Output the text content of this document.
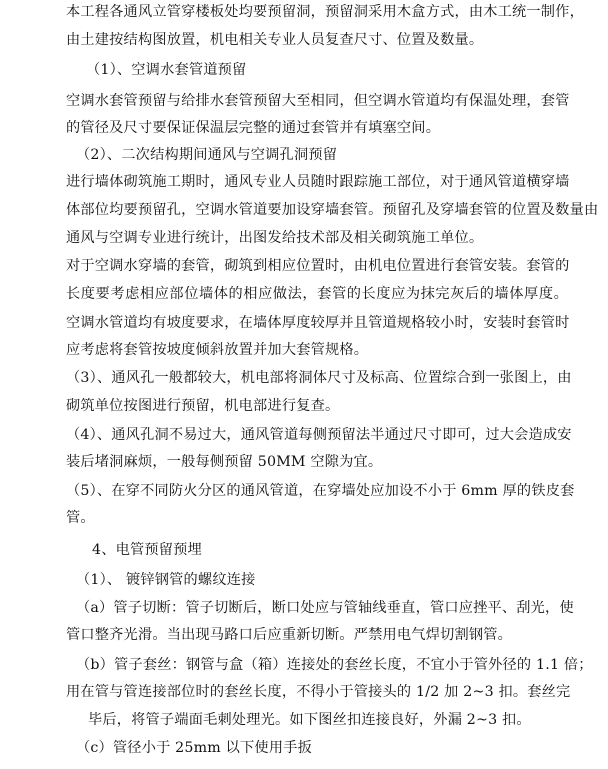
本工程各通风立管穿楼板处均要预留洞，预留洞采用木盒方式，由木工统一制作，
由土建按结构图放置，机电相关专业人员复查尺寸、位置及数量。
（1）、空调水套管道预留
空调水套管预留与给排水套管预留大至相同，但空调水管道均有保温处理，套管
的管径及尺寸要保证保温层完整的通过套管并有填塞空间。
（2）、二次结构期间通风与空调孔洞预留
进行墙体砌筑施工期时，通风专业人员随时跟踪施工部位，对于通风管道横穿墙
体部位均要预留孔，空调水管道要加设穿墙套管。预留孔及穿墙套管的位置及数量由
通风与空调专业进行统计，出图发给技术部及相关砌筑施工单位。
对于空调水穿墙的套管，砌筑到相应位置时，由机电位置进行套管安装。套管的
长度要考虑相应部位墙体的相应做法，套管的长度应为抹完灰后的墙体厚度。
空调水管道均有坡度要求，在墙体厚度较厚并且管道规格较小时，安装时套管时
应考虑将套管按坡度倾斜放置并加大套管规格。
（3）、通风孔一般都较大，机电部将洞体尺寸及标高、位置综合到一张图上，由
砌筑单位按图进行预留，机电部进行复查。
（4）、通风孔洞不易过大，通风管道每侧预留法半通过尺寸即可，过大会造成安
装后堵洞麻烦，一般每侧预留 50MM 空隙为宜。
（5）、在穿不同防火分区的通风管道，在穿墙处应加设不小于 6mm 厚的铁皮套
管。
4、电管预留预埋
（1）、 镀锌钢管的螺纹连接
（a）管子切断：管子切断后，断口处应与管轴线垂直，管口应挫平、刮光，使
管口整齐光滑。当出现马路口后应重新切断。严禁用电气焊切割钢管。
（b）管子套丝：钢管与盒（箱）连接处的套丝长度，不宜小于管外径的 1.1 倍；
用在管与管连接部位时的套丝长度，不得小于管接头的 1/2 加 2~3 扣。套丝完
毕后，将管子端面毛刺处理光。如下图丝扣连接良好，外漏 2~3 扣。
（c）管径小于 25mm 以下使用手扳
